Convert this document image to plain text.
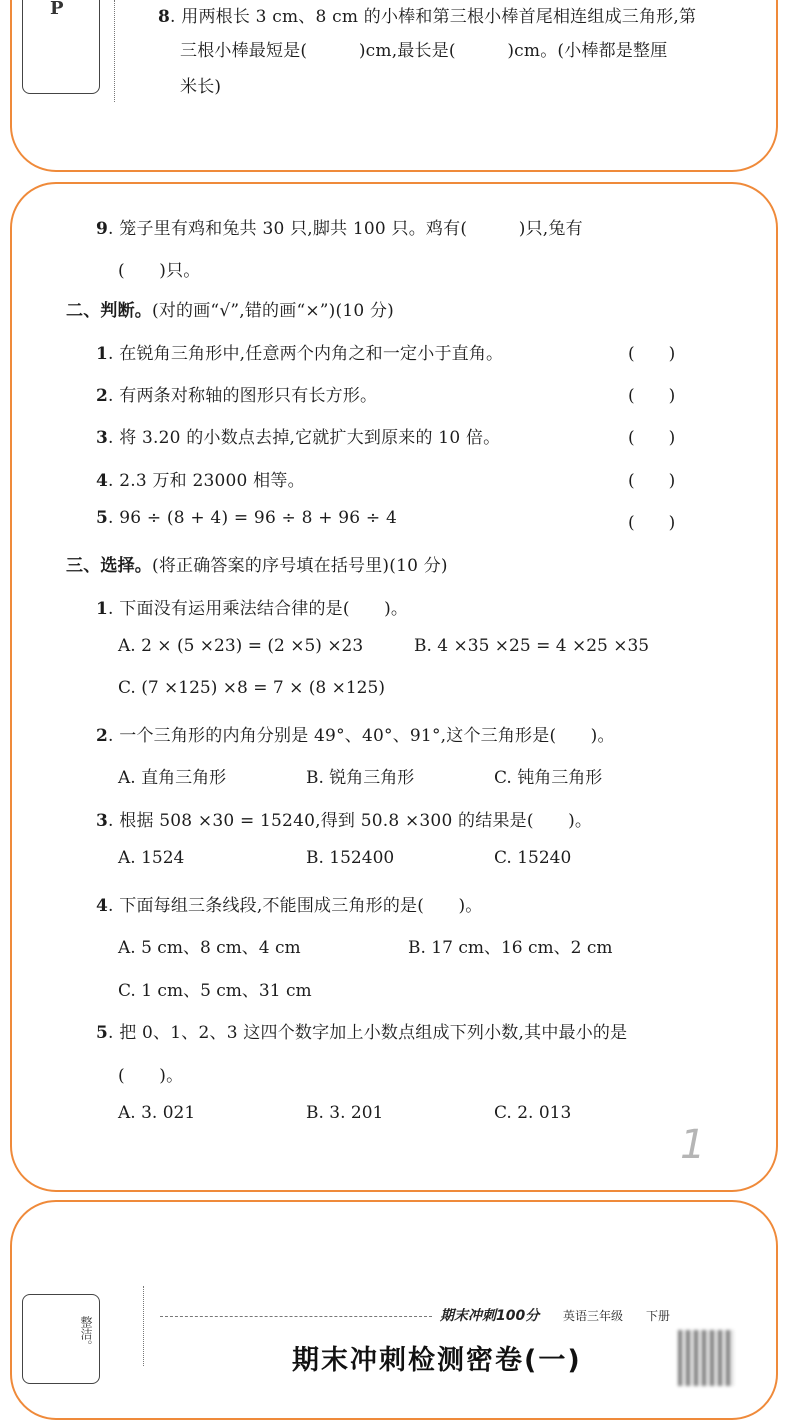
P	8. 用两根长 3 cm、8 cm 的小棒和第三根小棒首尾相连组成三角形,第
三根小棒最短是(　　　)cm,最长是(　　　)cm。(小棒都是整厘
米长)
9. 笼子里有鸡和兔共 30 只,脚共 100 只。鸡有(　　　)只,兔有
(　　)只。
二、判断。(对的画“√”,错的画“×”)(10 分)
1. 在锐角三角形中,任意两个内角之和一定小于直角。	(　　)
2. 有两条对称轴的图形只有长方形。	(　　)
3. 将 3.20 的小数点去掉,它就扩大到原来的 10 倍。	(　　)
4. 2.3 万和 23000 相等。	(　　)
5. 96 ÷ (8 + 4) = 96 ÷ 8 + 96 ÷ 4	(　　)
三、选择。(将正确答案的序号填在括号里)(10 分)
1. 下面没有运用乘法结合律的是(　　)。
A. 2 × (5 ×23) = (2 ×5) ×23	B. 4 ×35 ×25 = 4 ×25 ×35
C. (7 ×125) ×8 = 7 × (8 ×125)
2. 一个三角形的内角分别是 49°、40°、91°,这个三角形是(　　)。
A. 直角三角形	B. 锐角三角形	C. 钝角三角形
3. 根据 508 ×30 = 15240,得到 50.8 ×300 的结果是(　　)。
A. 1524	B. 152400	C. 15240
4. 下面每组三条线段,不能围成三角形的是(　　)。
A. 5 cm、8 cm、4 cm	B. 17 cm、16 cm、2 cm
C. 1 cm、5 cm、31 cm
5. 把 0、1、2、3 这四个数字加上小数点组成下列小数,其中最小的是
(　　)。
A. 3. 021	B. 3. 201	C. 2. 013
1
整洁。	期末冲刺100分 英语三年级 下册
期末冲刺检测密卷(一)
